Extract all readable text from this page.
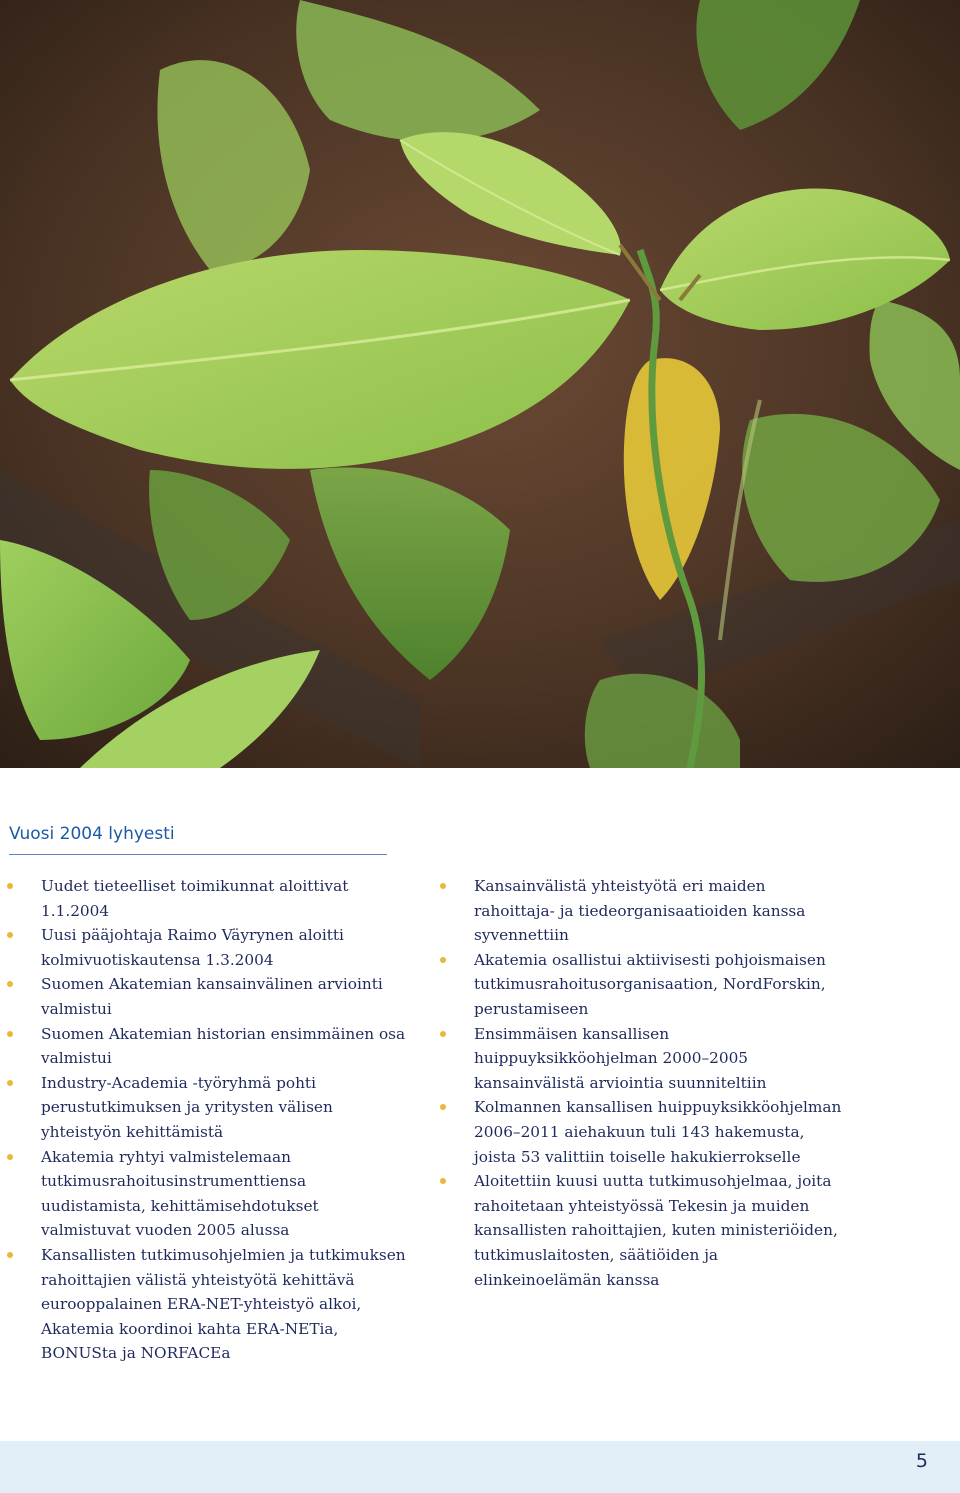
Vuosi 2004 lyhyesti
Uudet tieteelliset toimikunnat aloittivat 1.1.2004
Uusi pääjohtaja Raimo Väyrynen aloitti kolmivuotiskautensa 1.3.2004
Suomen Akatemian kansainvälinen arviointi valmistui
Suomen Akatemian historian ensimmäinen osa valmistui
Industry-Academia -työryhmä pohti perustutkimuksen ja yritysten välisen yhteistyön kehittämistä
Akatemia ryhtyi valmistelemaan tutkimusrahoitusinstrumenttiensa uudistamista, kehittämisehdotukset valmistuvat vuoden 2005 alussa
Kansallisten tutkimusohjelmien ja tutkimuksen rahoittajien välistä yhteistyötä kehittävä eurooppalainen ERA-NET-yhteistyö alkoi, Akatemia koordinoi kahta ERA-NETia, BONUSta ja NORFACEa
Kansainvälistä yhteistyötä eri maiden rahoittaja- ja tiedeorganisaatioiden kanssa syvennettiin
Akatemia osallistui aktiivisesti pohjoismaisen tutkimusrahoitusorganisaation, NordForskin, perustamiseen
Ensimmäisen kansallisen huippuyksikköohjelman 2000–2005 kansainvälistä arviointia suunniteltiin
Kolmannen kansallisen huippuyksikköohjelman 2006–2011 aiehakuun tuli 143 hakemusta, joista 53 valittiin toiselle hakukierrokselle
Aloitettiin kuusi uutta tutkimusohjelmaa, joita rahoitetaan yhteistyössä Tekesin ja muiden kansallisten rahoittajien, kuten ministeriöiden, tutkimuslaitosten, säätiöiden ja elinkeinoelämän kanssa
5
